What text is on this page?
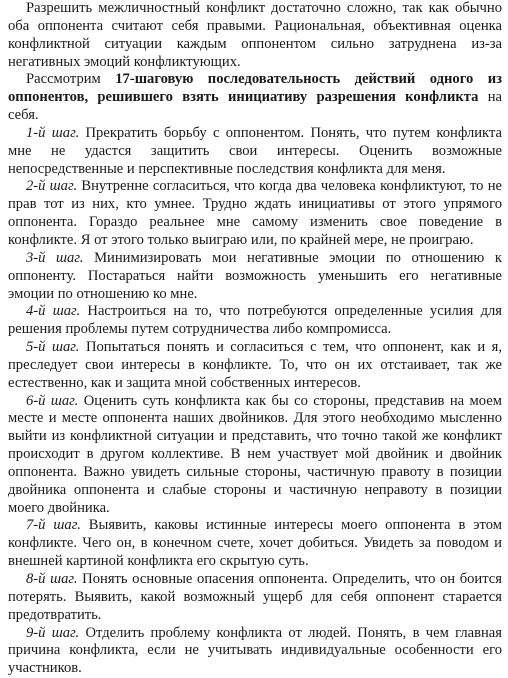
Разрешить межличностный конфликт достаточно сложно, так как обычно оба оппонента считают себя правыми. Рациональная, объективная оценка конфликтной ситуации каждым оппонентом сильно затруднена из-за негативных эмоций конфликтующих.

Рассмотрим 17-шаговую последовательность действий одного из оппонентов, решившего взять инициативу разрешения конфликта на себя.

1-й шаг. Прекратить борьбу с оппонентом. Понять, что путем конфликта мне не удастся защитить свои интересы. Оценить возможные непосредственные и перспективные последствия конфликта для меня.

2-й шаг. Внутренне согласиться, что когда два человека конфликтуют, то не прав тот из них, кто умнее. Трудно ждать инициативы от этого упрямого оппонента. Гораздо реальнее мне самому изменить свое поведение в конфликте. Я от этого только выиграю или, по крайней мере, не проиграю.

3-й шаг. Минимизировать мои негативные эмоции по отношению к оппоненту. Постараться найти возможность уменьшить его негативные эмоции по отношению ко мне.

4-й шаг. Настроиться на то, что потребуются определенные усилия для решения проблемы путем сотрудничества либо компромисса.

5-й шаг. Попытаться понять и согласиться с тем, что оппонент, как и я, преследует свои интересы в конфликте. То, что он их отстаивает, так же естественно, как и защита мной собственных интересов.

6-й шаг. Оценить суть конфликта как бы со стороны, представив на моем месте и месте оппонента наших двойников. Для этого необходимо мысленно выйти из конфликтной ситуации и представить, что точно такой же конфликт происходит в другом коллективе. В нем участвует мой двойник и двойник оппонента. Важно увидеть сильные стороны, частичную правоту в позиции двойника оппонента и слабые стороны и частичную неправоту в позиции моего двойника.

7-й шаг. Выявить, каковы истинные интересы моего оппонента в этом конфликте. Чего он, в конечном счете, хочет добиться. Увидеть за поводом и внешней картиной конфликта его скрытую суть.

8-й шаг. Понять основные опасения оппонента. Определить, что он боится потерять. Выявить, какой возможный ущерб для себя оппонент старается предотвратить.

9-й шаг. Отделить проблему конфликта от людей. Понять, в чем главная причина конфликта, если не учитывать индивидуальные особенности его участников.
